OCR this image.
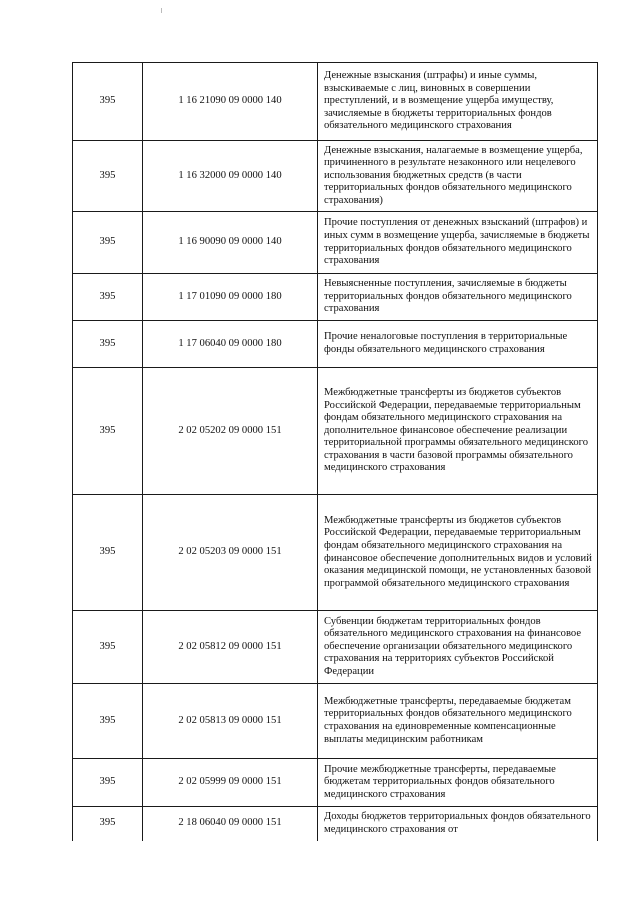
395	1 16 21090 09 0000 140	Денежные взыскания (штрафы) и иные суммы, взыскиваемые с лиц, виновных в совершении преступлений, и в возмещение ущерба имуществу, зачисляемые в бюджеты территориальных фондов обязательного медицинского страхования
395	1 16 32000 09 0000 140	Денежные взыскания, налагаемые в возмещение ущерба, причиненного в результате незаконного или нецелевого использования бюджетных средств (в части территориальных фондов обязательного медицинского страхования)
395	1 16 90090 09 0000 140	Прочие поступления от денежных взысканий (штрафов) и иных сумм в возмещение ущерба, зачисляемые в бюджеты территориальных фондов обязательного медицинского страхования
395	1 17 01090 09 0000 180	Невыясненные поступления, зачисляемые в бюджеты территориальных фондов обязательного медицинского страхования
395	1 17 06040 09 0000 180	Прочие неналоговые поступления в территориальные фонды обязательного медицинского страхования
395	2 02 05202 09 0000 151	Межбюджетные трансферты из бюджетов субъектов Российской Федерации, передаваемые территориальным фондам обязательного медицинского страхования на дополнительное финансовое обеспечение реализации территориальной программы обязательного медицинского страхования в части базовой программы обязательного медицинского страхования
395	2 02 05203 09 0000 151	Межбюджетные трансферты из бюджетов субъектов Российской Федерации, передаваемые территориальным фондам обязательного медицинского страхования на финансовое обеспечение дополнительных видов и условий оказания медицинской помощи, не установленных базовой программой обязательного медицинского страхования
395	2 02 05812 09 0000 151	Субвенции бюджетам территориальных фондов обязательного медицинского страхования на финансовое обеспечение организации обязательного медицинского страхования на территориях субъектов Российской Федерации
395	2 02 05813 09 0000 151	Межбюджетные трансферты, передаваемые бюджетам территориальных фондов обязательного медицинского страхования на единовременные компенсационные выплаты медицинским работникам
395	2 02 05999 09 0000 151	Прочие межбюджетные трансферты, передаваемые бюджетам территориальных фондов обязательного медицинского страхования
395	2 18 06040 09 0000 151	Доходы бюджетов территориальных фондов обязательного медицинского страхования от
